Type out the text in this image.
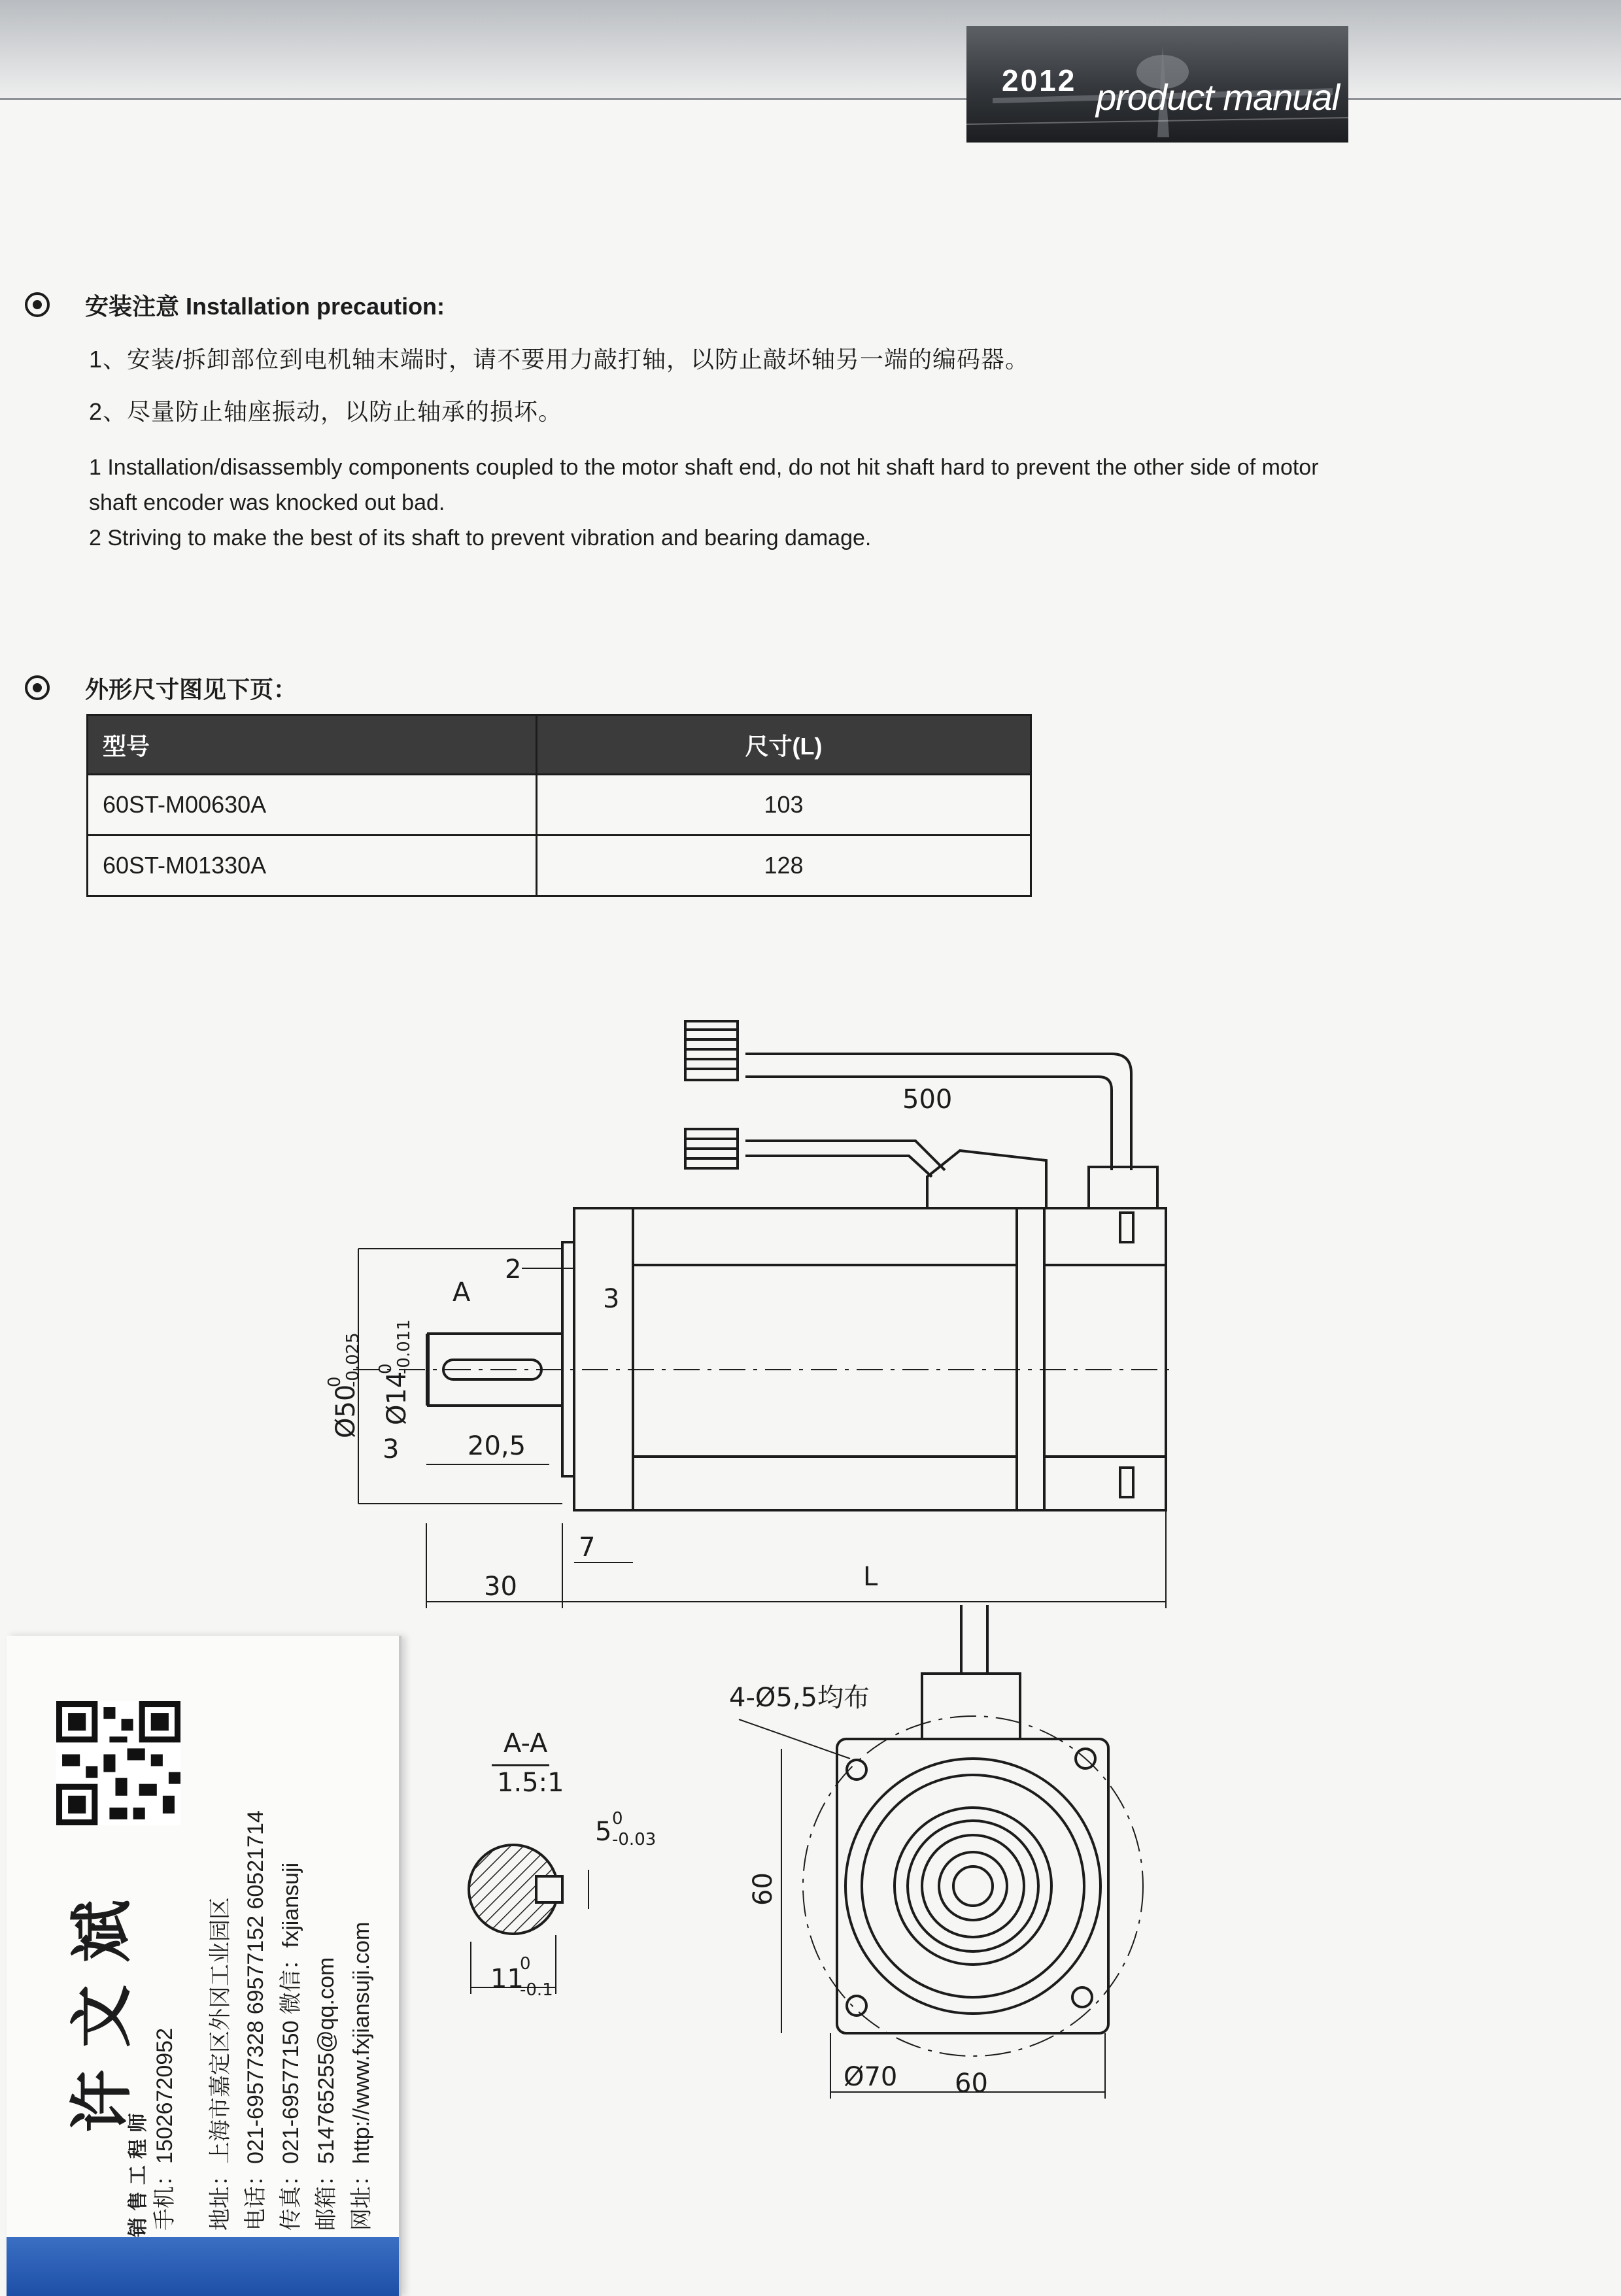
2012 product manual
安装注意 Installation precaution:
1、安装/拆卸部位到电机轴末端时，请不要用力敲打轴，以防止敲坏轴另一端的编码器。
2、尽量防止轴座振动，以防止轴承的损坏。

1 Installation/disassembly components coupled to the motor shaft end, do not hit shaft hard to prevent the other side of motor shaft encoder was knocked out bad.

2 Striving to make the best of its shaft to prevent vibration and bearing damage.

外形尺寸图见下页：
型号	尺寸(L)
60ST-M00630A	103
60ST-M01330A	128
500
A
2
3
Ø50
0
-0.025
Ø14
0
-0.011
3	20,5
7
30	L
A-A
1.5:1
5 0
-0.03
11
0
-0.1
4-Ø5,5均布
60
Ø70 60
许文斌
销售工程师 手机：15026720952 地址：上海市嘉定区外冈工业园区 电话：021-69577328 69577152 60521714 传真：021-69577150 微信：fxjiansuji 邮箱：514765255@qq.com 网址：http://www.fxjiansuji.com
